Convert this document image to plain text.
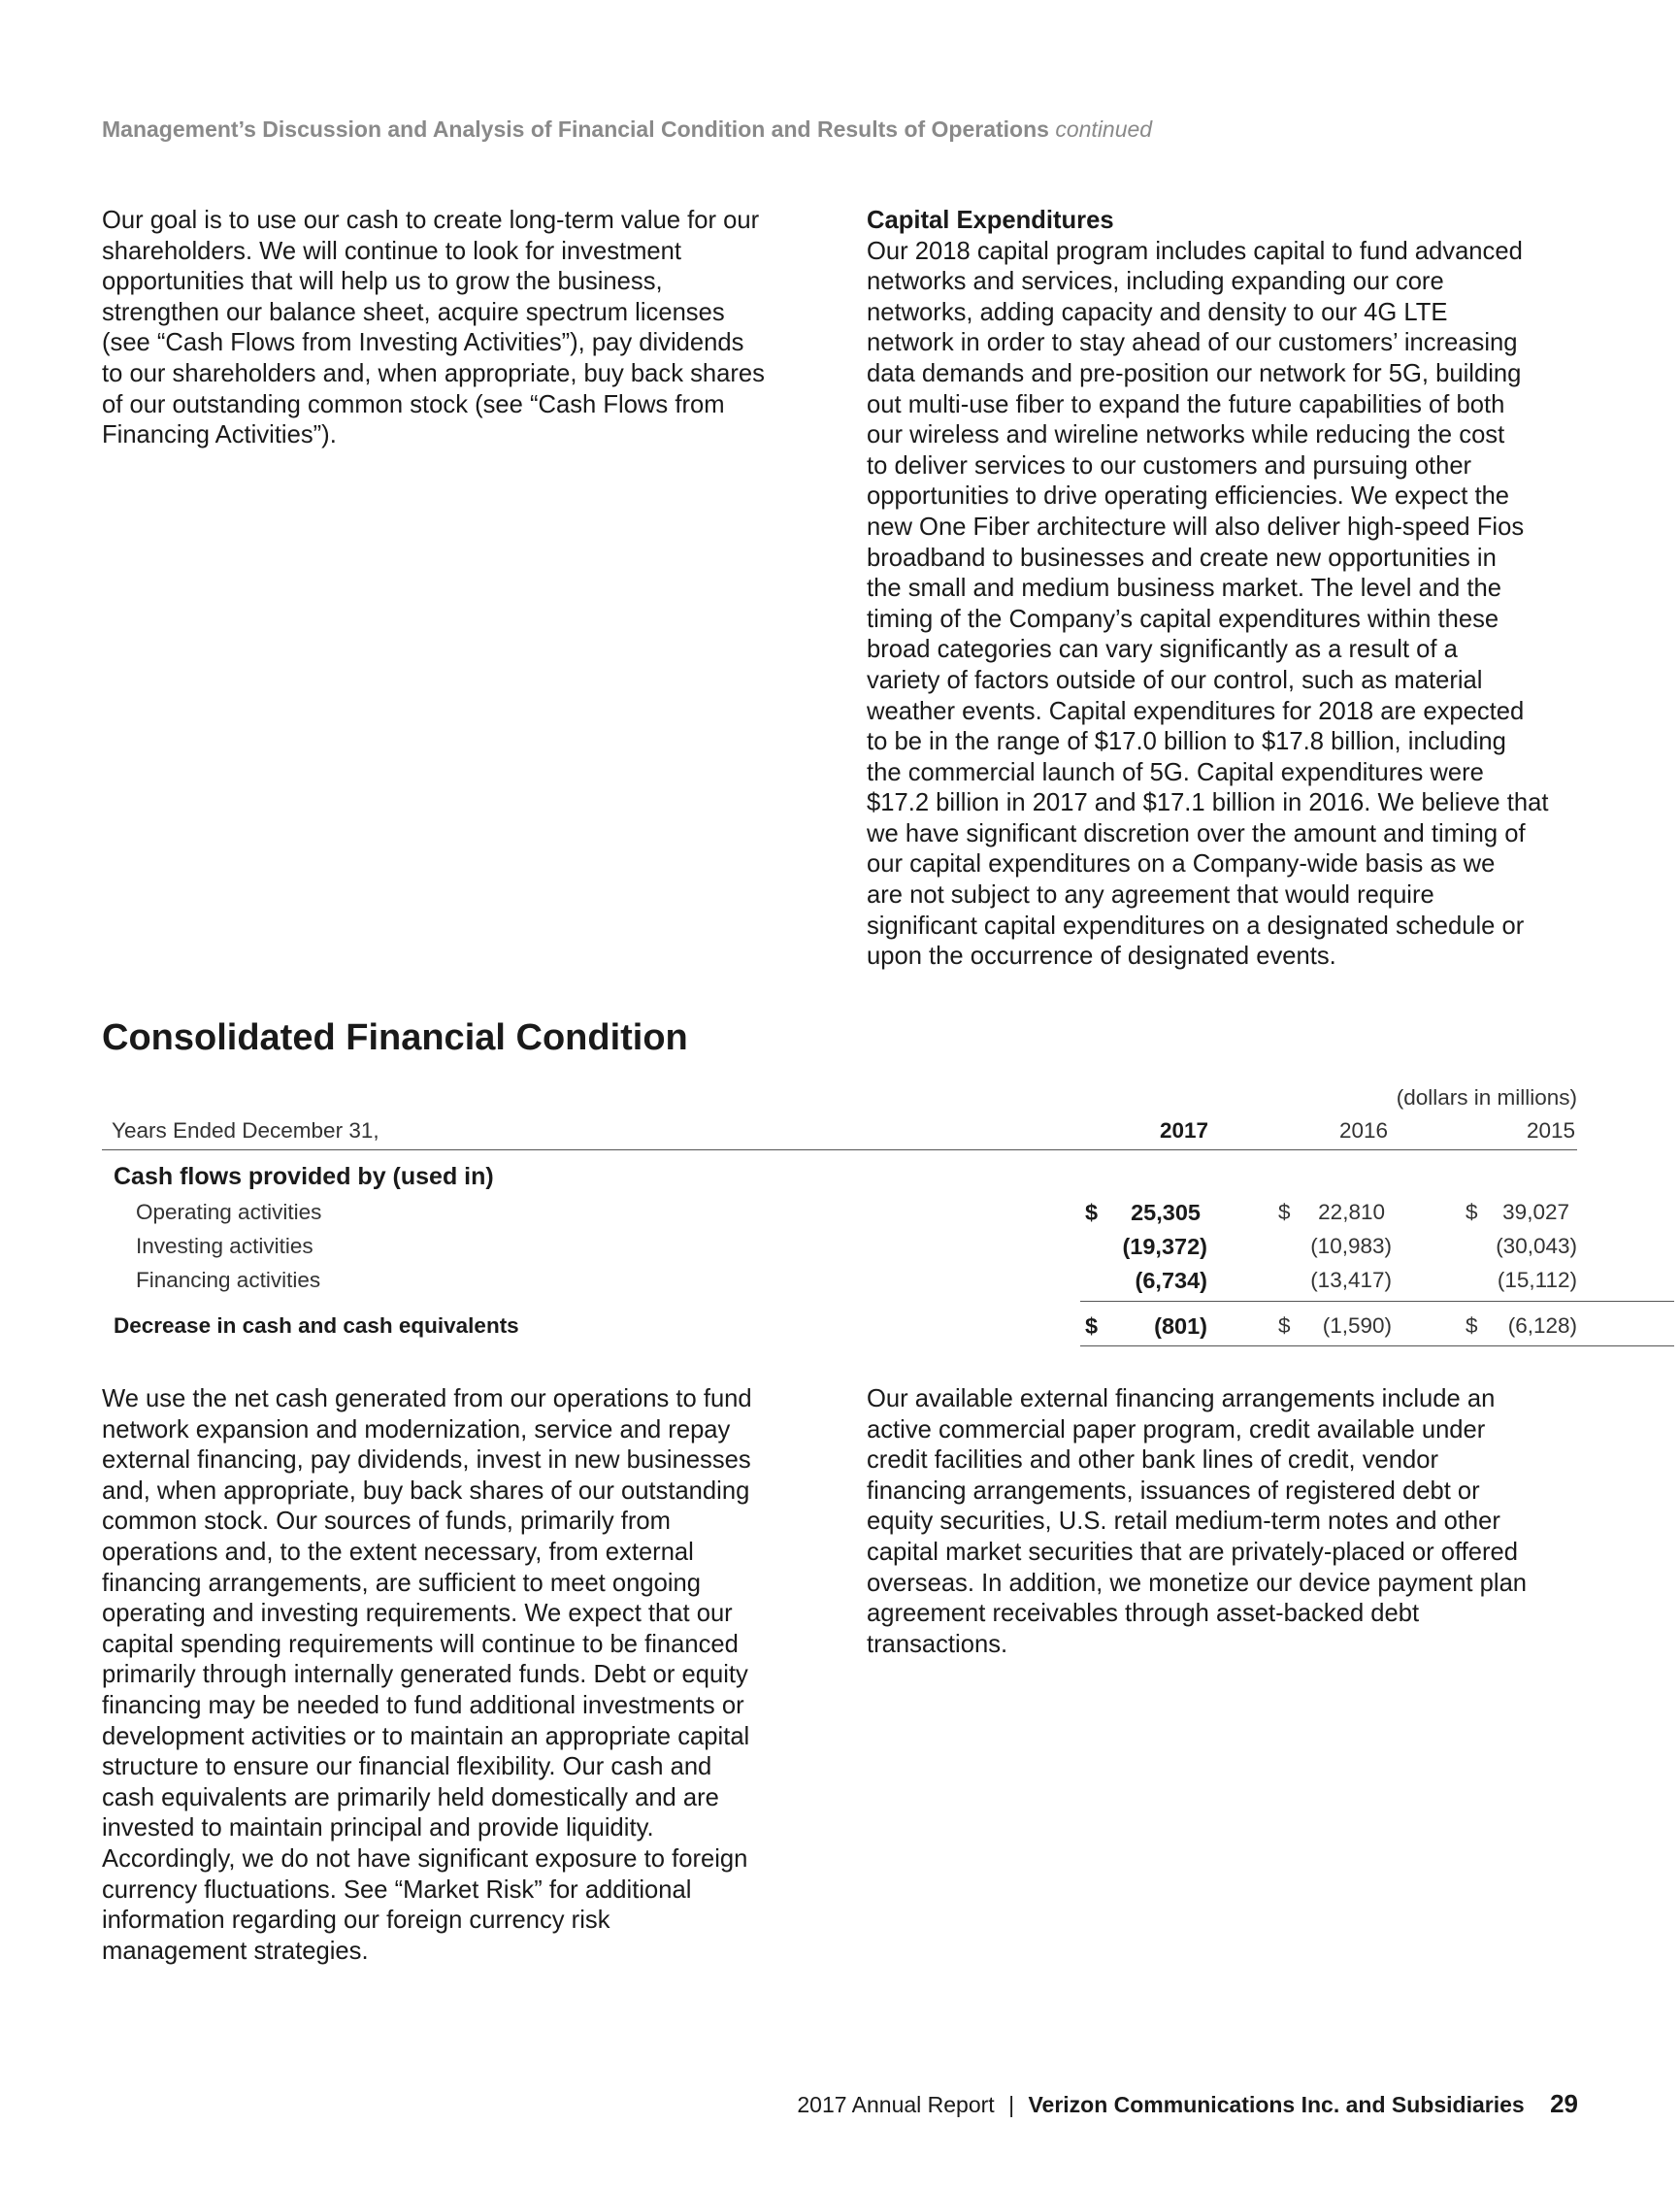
Management’s Discussion and Analysis of Financial Condition and Results of Operations continued
Our goal is to use our cash to create long-term value for our
shareholders. We will continue to look for investment
opportunities that will help us to grow the business,
strengthen our balance sheet, acquire spectrum licenses
(see “Cash Flows from Investing Activities”), pay dividends
to our shareholders and, when appropriate, buy back shares
of our outstanding common stock (see “Cash Flows from
Financing Activities”).
Capital Expenditures
Our 2018 capital program includes capital to fund advanced
networks and services, including expanding our core
networks, adding capacity and density to our 4G LTE
network in order to stay ahead of our customers’ increasing
data demands and pre-position our network for 5G, building
out multi-use fiber to expand the future capabilities of both
our wireless and wireline networks while reducing the cost
to deliver services to our customers and pursuing other
opportunities to drive operating efficiencies. We expect the
new One Fiber architecture will also deliver high-speed Fios
broadband to businesses and create new opportunities in
the small and medium business market. The level and the
timing of the Company’s capital expenditures within these
broad categories can vary significantly as a result of a
variety of factors outside of our control, such as material
weather events. Capital expenditures for 2018 are expected
to be in the range of $17.0 billion to $17.8 billion, including
the commercial launch of 5G. Capital expenditures were
$17.2 billion in 2017 and $17.1 billion in 2016. We believe that
we have significant discretion over the amount and timing of
our capital expenditures on a Company-wide basis as we
are not subject to any agreement that would require
significant capital expenditures on a designated schedule or
upon the occurrence of designated events.
Consolidated Financial Condition
(dollars in millions)
Years Ended December 31,	2017	2016	2015
Cash flows provided by (used in)
Operating activities	$ 25,305	$ 22,810	$ 39,027
Investing activities	(19,372)	(10,983)	(30,043)
Financing activities	(6,734)	(13,417)	(15,112)
Decrease in cash and cash equivalents	$ (801)	$ (1,590)	$ (6,128)
We use the net cash generated from our operations to fund
network expansion and modernization, service and repay
external financing, pay dividends, invest in new businesses
and, when appropriate, buy back shares of our outstanding
common stock. Our sources of funds, primarily from
operations and, to the extent necessary, from external
financing arrangements, are sufficient to meet ongoing
operating and investing requirements. We expect that our
capital spending requirements will continue to be financed
primarily through internally generated funds. Debt or equity
financing may be needed to fund additional investments or
development activities or to maintain an appropriate capital
structure to ensure our financial flexibility. Our cash and
cash equivalents are primarily held domestically and are
invested to maintain principal and provide liquidity.
Accordingly, we do not have significant exposure to foreign
currency fluctuations. See “Market Risk” for additional
information regarding our foreign currency risk
management strategies.
Our available external financing arrangements include an
active commercial paper program, credit available under
credit facilities and other bank lines of credit, vendor
financing arrangements, issuances of registered debt or
equity securities, U.S. retail medium-term notes and other
capital market securities that are privately-placed or offered
overseas. In addition, we monetize our device payment plan
agreement receivables through asset-backed debt
transactions.
2017 Annual Report | Verizon Communications Inc. and Subsidiaries 29
